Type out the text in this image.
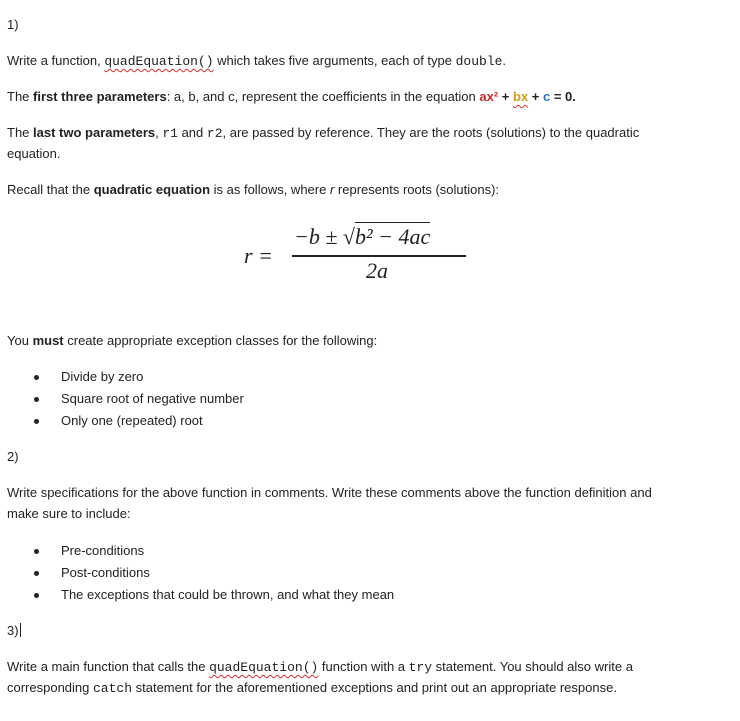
1)
Write a function, quadEquation() which takes five arguments, each of type double.
The first three parameters: a, b, and c, represent the coefficients in the equation ax² + bx + c = 0.
The last two parameters, r1 and r2, are passed by reference. They are the roots (solutions) to the quadratic
equation.
Recall that the quadratic equation is as follows, where r represents roots (solutions):
r =
−b ± √b² − 4ac
2a
You must create appropriate exception classes for the following:
Divide by zero
Square root of negative number
Only one (repeated) root
2)
Write specifications for the above function in comments. Write these comments above the function definition and
make sure to include:
Pre-conditions
Post-conditions
The exceptions that could be thrown, and what they mean
3)
Write a main function that calls the quadEquation() function with a try statement. You should also write a
corresponding catch statement for the aforementioned exceptions and print out an appropriate response.
